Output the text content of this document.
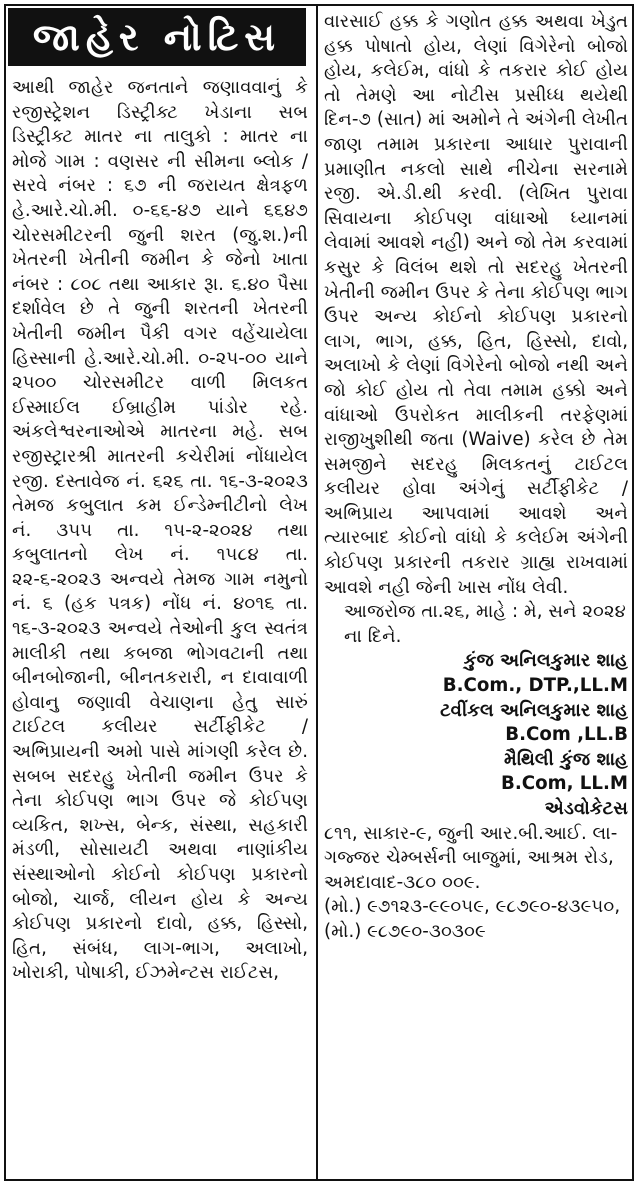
જાહેર નોટિસ

આથી જાહેર જનતાને જણાવવાનું કે રજીસ્ટ્રેશન ડિસ્ટ્રીક્ટ ખેડાના સબ ડિસ્ટ્રીક્ટ માતર ના તાલુકો : માતર ના મોજે ગામ : વણસર ની સીમના બ્લોક /સરવે નંબર : ૬૭ ની જરાયત ક્ષેત્રફળ હે.આરે.ચો.મી. ૦-૬૬-૪૭ યાને ૬૬૪૭ ચોરસમીટરની જુની શરત (જુ.શ.)ની ખેતરની ખેતીની જમીન કે જેનો ખાતા નંબર : ૮૦૮ તથા આકાર રૂા. ૬.૪૦ પૈસા દર્શાવેલ છે તે જુની શરતની ખેતરની ખેતીની જમીન પૈકી વગર વહેંચાયેલા હિસ્સાની હે.આરે.ચો.મી. ૦-૨૫-૦૦ યાને ૨૫૦૦ ચોરસમીટર વાળી મિલકત ઈસ્માઈલ ઈબ્રાહીમ પાંડોર રહે. અંકલેશ્વરનાઓએ માતરના મહે. સબ રજીસ્ટ્રારશ્રી માતરની કચેરીમાં નોંધાયેલ રજી. દસ્તાવેજ નં. ૬૨૬ તા. ૧૬-૩-૨૦૨૩ તેમજ કબુલાત કમ ઈન્ડેમ્નીટીનો લેખ નં. ૩૫૫ તા. ૧૫-૨-૨૦૨૪ તથા કબુલાતનો લેખ નં. ૧૫૮૪ તા. ૨૨-૬-૨૦૨૩ અન્વયે તેમજ ગામ નમુનો નં. ૬ (હક પત્રક) નોંધ નં. ૪૦૧૬ તા. ૧૬-૩-૨૦૨૩ અન્વયે તેઓની કુલ સ્વતંત્ર માલીકી તથા કબજા ભોગવટાની તથા બીનબોજાની, બીનતકરારી, ન દાવાવાળી હોવાનુ જણાવી વેચાણના હેતુ સારું ટાઈટલ કલીયર સર્ટીફીકેટ / અભિપ્રાયની અમો પાસે માંગણી કરેલ છે. સબબ સદરહુ ખેતીની જમીન ઉપર કે તેના કોઈપણ ભાગ ઉપર જે કોઈપણ વ્યકિત, શખ્સ, બેન્ક, સંસ્થા, સહકારી મંડળી, સોસાયટી અથવા નાણાંકીય સંસ્થાઓનો કોઈનો કોઈપણ પ્રકારનો બોજો, ચાર્જ, લીયન હોય કે અન્ય કોઈપણ પ્રકારનો દાવો, હક્ક, હિસ્સો, હિત, સંબંધ, લાગ-ભાગ, અલાખો, ખોરાકી, પોષાકી, ઈઝમેન્ટસ રાઈટસ,

વારસાઈ હક્ક કે ગણોત હક્ક અથવા ખેડુત હક્ક પોષાતો હોય, લેણાં વિગેરેનો બોજો હોય, કલેઈમ, વાંધો કે તકરાર કોઈ હોય તો તેમણે આ નોટીસ પ્રસીધ્ધ થયેથી દિન-૭ (સાત) માં અમોને તે અંગેની લેખીત જાણ તમામ પ્રકારના આધાર પુરાવાની પ્રમાણીત નકલો સાથે નીચેના સરનામે રજી. એ.ડી.થી કરવી. (લેખિત પુરાવા સિવાયના કોઈપણ વાંધાઓ ધ્યાનમાં લેવામાં આવશે નહી) અને જો તેમ કરવામાં કસુર કે વિલંબ થશે તો સદરહુ ખેતરની ખેતીની જમીન ઉપર કે તેના કોઈપણ ભાગ ઉપર અન્ય કોઈનો કોઈપણ પ્રકારનો લાગ, ભાગ, હક્ક, હિત, હિસ્સો, દાવો, અલાખો કે લેણાં વિગેરેનો બોજો નથી અને જો કોઈ હોય તો તેવા તમામ હક્કો અને વાંધાઓ ઉપરોકત માલીકની તરફેણમાં રાજીખુશીથી જતા (Waive) કરેલ છે તેમ સમજીને સદરહુ મિલકતનું ટાઈટલ કલીયર હોવા અંગેનું સર્ટીફીકેટ / અભિપ્રાય આપવામાં આવશે અને ત્યારબાદ કોઈનો વાંધો કે કલેઈમ અંગેની કોઈપણ પ્રકારની તકરાર ગ્રાહ્ય રાખવામાં આવશે નહી જેની ખાસ નોંધ લેવી.

આજરોજ તા.૨૬, માહે : મે, સને ૨૦૨૪ ના દિને.

કુંજ અનિલકુમાર શાહ

B.Com., DTP.,LL.M

ટવીંકલ અનિલકુમાર શાહ

B.Com ,LL.B

મૈથિલી કુંજ શાહ

B.Com, LL.M

એડવોકેટસ

૮૧૧, સાકાર-૯, જુની આર.બી.આઈ. લા-ગજ્જર ચેમ્બર્સની બાજુમાં, આશ્રમ રોડ, અમદાવાદ-૩૮૦ ૦૦૯.

(મો.) ૯૭૧૨૩-૯૯૦૫૯, ૯૮૭૯૦-૪૩૯૫૦,

(મો.) ૯૮૭૯૦-૩૦૩૦૯
